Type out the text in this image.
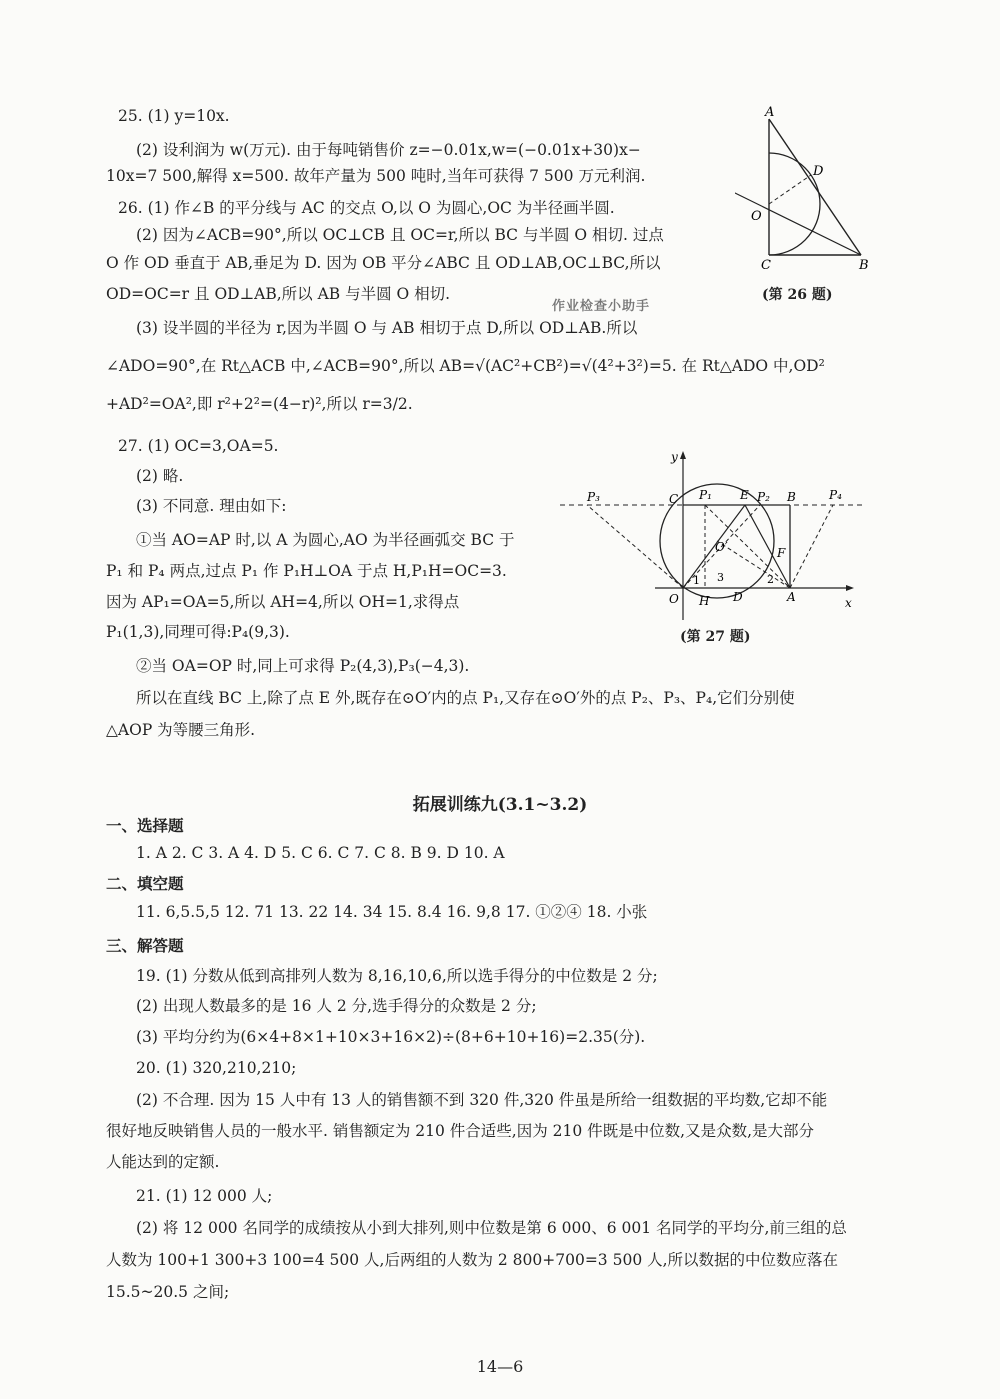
25. (1) y=10x.
(2) 设利润为 w(万元). 由于每吨销售价 z=−0.01x,w=(−0.01x+30)x−
10x=7 500,解得 x=500. 故年产量为 500 吨时,当年可获得 7 500 万元利润.
26. (1) 作∠B 的平分线与 AC 的交点 O,以 O 为圆心,OC 为半径画半圆.
(2) 因为∠ACB=90°,所以 OC⊥CB 且 OC=r,所以 BC 与半圆 O 相切. 过点
O 作 OD 垂直于 AB,垂足为 D. 因为 OB 平分∠ABC 且 OD⊥AB,OC⊥BC,所以
OD=OC=r 且 OD⊥AB,所以 AB 与半圆 O 相切.
(3) 设半圆的半径为 r,因为半圆 O 与 AB 相切于点 D,所以 OD⊥AB.所以
∠ADO=90°,在 Rt△ACB 中,∠ACB=90°,所以 AB=√(AC²+CB²)=√(4²+3²)=5. 在 Rt△ADO 中,OD²
+AD²=OA²,即 r²+2²=(4−r)²,所以 r=3/2.
A
D
O
C	B
(第 26 题)
作业检查小助手
27. (1) OC=3,OA=5.
(2) 略.
(3) 不同意. 理由如下:
①当 AO=AP 时,以 A 为圆心,AO 为半径画弧交 BC 于
P₁ 和 P₄ 两点,过点 P₁ 作 P₁H⊥OA 于点 H,P₁H=OC=3.
因为 AP₁=OA=5,所以 AH=4,所以 OH=1,求得点
P₁(1,3),同理可得:P₄(9,3).
②当 OA=OP 时,同上可求得 P₂(4,3),P₃(−4,3).
所以在直线 BC 上,除了点 E 外,既存在⊙O′内的点 P₁,又存在⊙O′外的点 P₂、P₃、P₄,它们分别使
△AOP 为等腰三角形.
y
x
P₃	C P₁ E P₂ B	P₄
O′	F
1 3	2
O H D	A
(第 27 题)
拓展训练九(3.1~3.2)
一、选择题
1. A 2. C 3. A 4. D 5. C 6. C 7. C 8. B 9. D 10. A
二、填空题
11. 6,5.5,5 12. 71 13. 22 14. 34 15. 8.4 16. 9,8 17. ①②④ 18. 小张
三、解答题
19. (1) 分数从低到高排列人数为 8,16,10,6,所以选手得分的中位数是 2 分;
(2) 出现人数最多的是 16 人 2 分,选手得分的众数是 2 分;
(3) 平均分约为(6×4+8×1+10×3+16×2)÷(8+6+10+16)=2.35(分).
20. (1) 320,210,210;
(2) 不合理. 因为 15 人中有 13 人的销售额不到 320 件,320 件虽是所给一组数据的平均数,它却不能
很好地反映销售人员的一般水平. 销售额定为 210 件合适些,因为 210 件既是中位数,又是众数,是大部分
人能达到的定额.
21. (1) 12 000 人;
(2) 将 12 000 名同学的成绩按从小到大排列,则中位数是第 6 000、6 001 名同学的平均分,前三组的总
人数为 100+1 300+3 100=4 500 人,后两组的人数为 2 800+700=3 500 人,所以数据的中位数应落在
15.5~20.5 之间;
14—6
